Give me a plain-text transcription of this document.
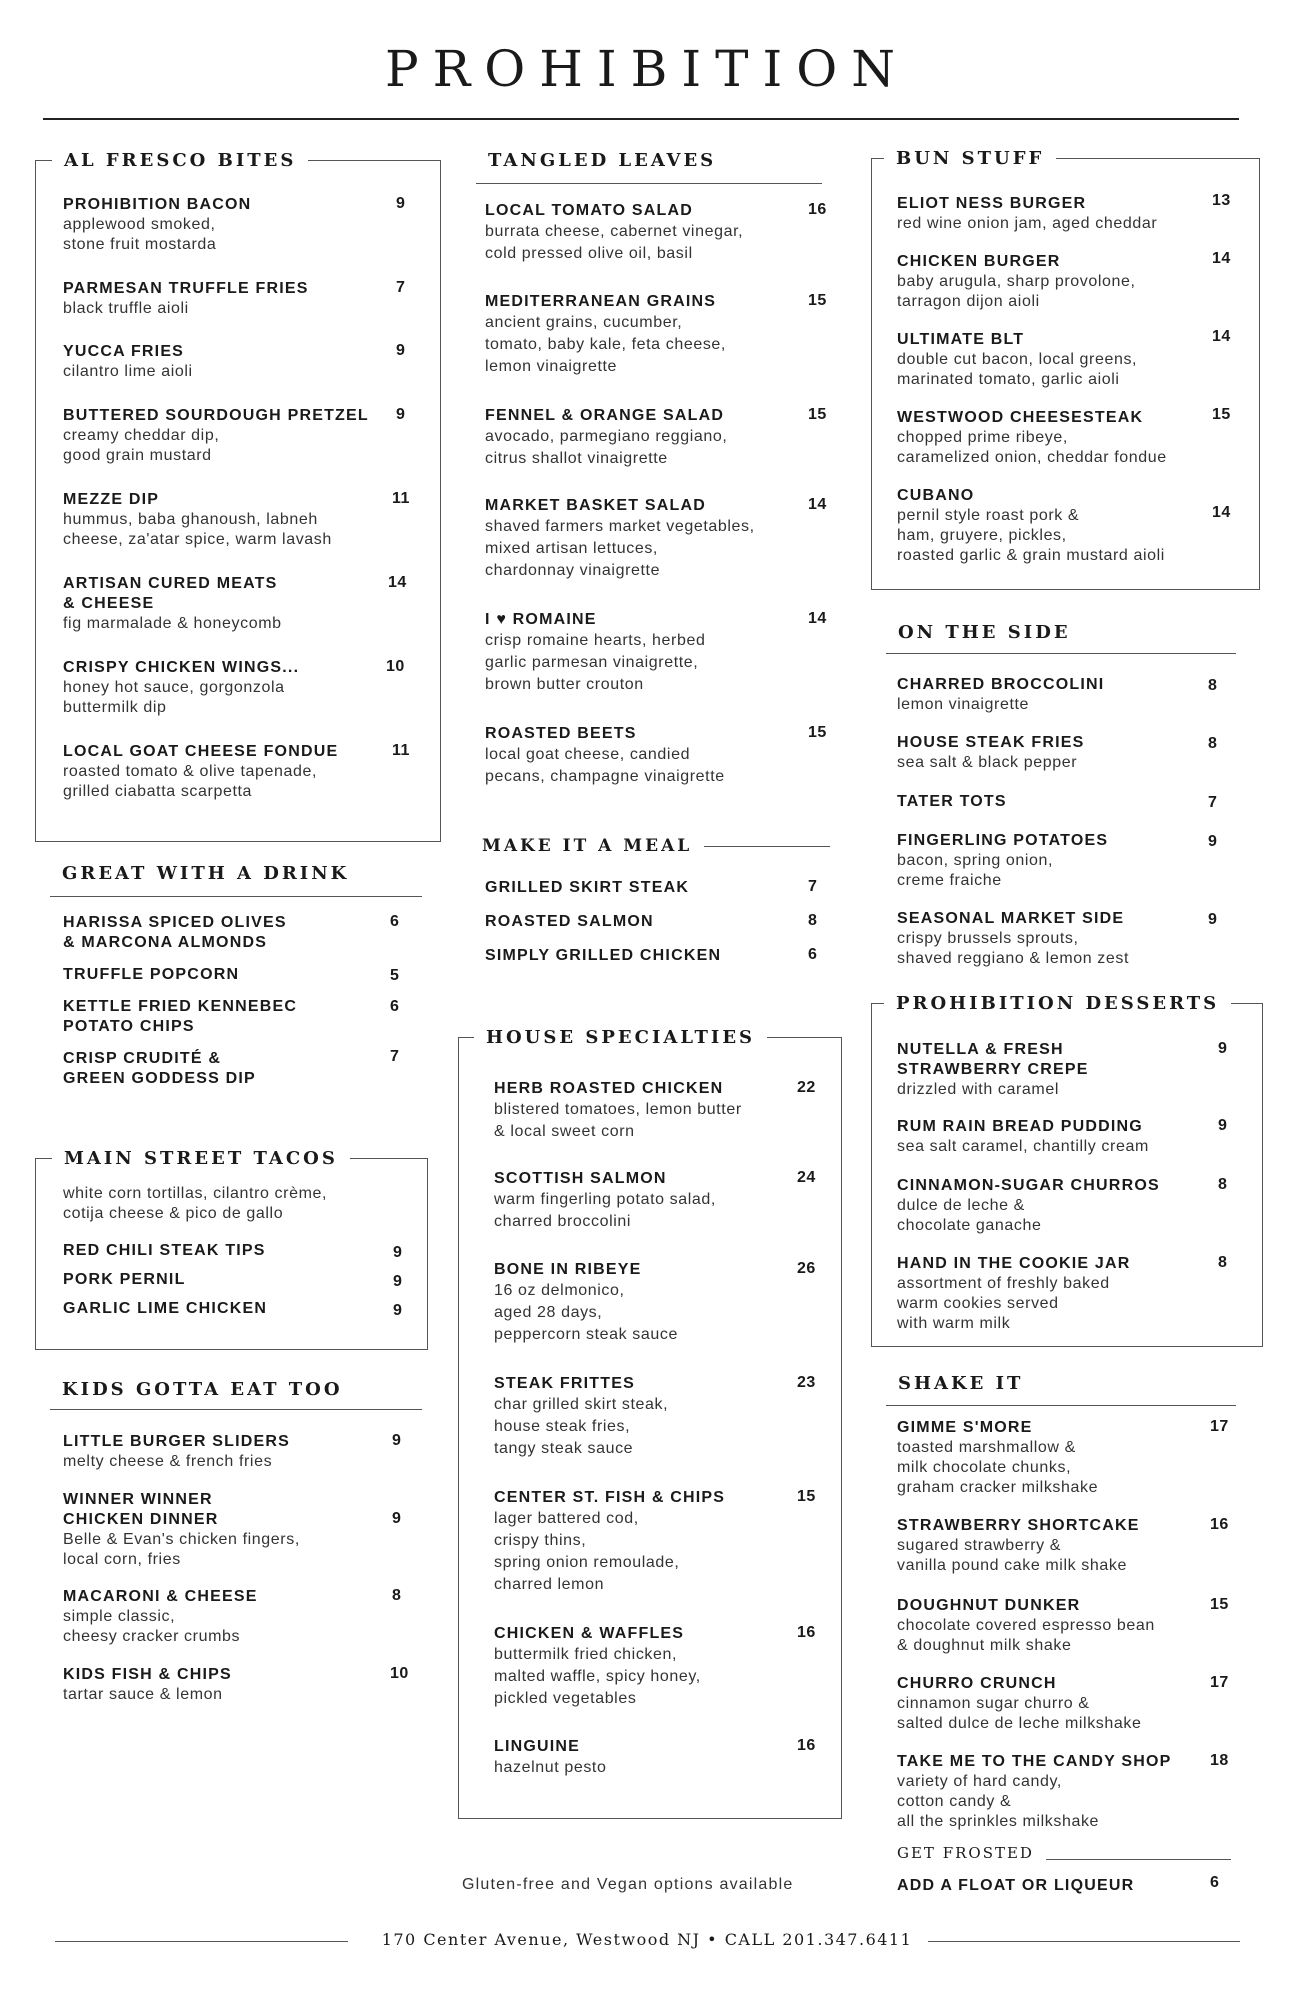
PROHIBITION
AL FRESCO BITES
PROHIBITION BACON
applewood smoked,
stone fruit mostarda
9
PARMESAN TRUFFLE FRIES
black truffle aioli
7
YUCCA FRIES
cilantro lime aioli
9
BUTTERED SOURDOUGH PRETZEL
creamy cheddar dip,
good grain mustard
9
MEZZE DIP
hummus, baba ghanoush, labneh
cheese, za'atar spice, warm lavash
11
ARTISAN CURED MEATS
& CHEESE
fig marmalade & honeycomb
14
CRISPY CHICKEN WINGS...
honey hot sauce, gorgonzola
buttermilk dip
10
LOCAL GOAT CHEESE FONDUE
roasted tomato & olive tapenade,
grilled ciabatta scarpetta
11
GREAT WITH A DRINK
HARISSA SPICED OLIVES
& MARCONA ALMONDS
6
TRUFFLE POPCORN	5
KETTLE FRIED KENNEBEC
POTATO CHIPS
6
CRISP CRUDITÉ &
GREEN GODDESS DIP
7
MAIN STREET TACOS
white corn tortillas, cilantro crème,
cotija cheese & pico de gallo
RED CHILI STEAK TIPS	9
PORK PERNIL	9
GARLIC LIME CHICKEN	9
KIDS GOTTA EAT TOO
LITTLE BURGER SLIDERS
melty cheese & french fries
9
WINNER WINNER
CHICKEN DINNER
Belle & Evan's chicken fingers,
local corn, fries
9
MACARONI & CHEESE
simple classic,
cheesy cracker crumbs
8
KIDS FISH & CHIPS
tartar sauce & lemon
10
TANGLED LEAVES
LOCAL TOMATO SALAD
burrata cheese, cabernet vinegar,
cold pressed olive oil, basil
16
MEDITERRANEAN GRAINS
ancient grains, cucumber,
tomato, baby kale, feta cheese,
lemon vinaigrette
15
FENNEL & ORANGE SALAD
avocado, parmegiano reggiano,
citrus shallot vinaigrette
15
MARKET BASKET SALAD
shaved farmers market vegetables,
mixed artisan lettuces,
chardonnay vinaigrette
14
I ♥ ROMAINE
crisp romaine hearts, herbed
garlic parmesan vinaigrette,
brown butter crouton
14
ROASTED BEETS
local goat cheese, candied
pecans, champagne vinaigrette
15
MAKE IT A MEAL
GRILLED SKIRT STEAK	7
ROASTED SALMON	8
SIMPLY GRILLED CHICKEN	6
HOUSE SPECIALTIES
HERB ROASTED CHICKEN
blistered tomatoes, lemon butter
& local sweet corn
22
SCOTTISH SALMON
warm fingerling potato salad,
charred broccolini
24
BONE IN RIBEYE
16 oz delmonico,
aged 28 days,
peppercorn steak sauce
26
STEAK FRITTES
char grilled skirt steak,
house steak fries,
tangy steak sauce
23
CENTER ST. FISH & CHIPS
lager battered cod,
crispy thins,
spring onion remoulade,
charred lemon
15
CHICKEN & WAFFLES
buttermilk fried chicken,
malted waffle, spicy honey,
pickled vegetables
16
LINGUINE
hazelnut pesto
16
BUN STUFF
ELIOT NESS BURGER
red wine onion jam, aged cheddar
13
CHICKEN BURGER
baby arugula, sharp provolone,
tarragon dijon aioli
14
ULTIMATE BLT
double cut bacon, local greens,
marinated tomato, garlic aioli
14
WESTWOOD CHEESESTEAK
chopped prime ribeye,
caramelized onion, cheddar fondue
15
CUBANO
pernil style roast pork &
ham, gruyere, pickles,
roasted garlic & grain mustard aioli
14
ON THE SIDE
CHARRED BROCCOLINI
lemon vinaigrette
8
HOUSE STEAK FRIES
sea salt & black pepper
8
TATER TOTS	7
FINGERLING POTATOES
bacon, spring onion,
creme fraiche
9
SEASONAL MARKET SIDE
crispy brussels sprouts,
shaved reggiano & lemon zest
9
PROHIBITION DESSERTS
NUTELLA & FRESH
STRAWBERRY CREPE
drizzled with caramel
9
RUM RAIN BREAD PUDDING
sea salt caramel, chantilly cream
9
CINNAMON-SUGAR CHURROS
dulce de leche &
chocolate ganache
8
HAND IN THE COOKIE JAR
assortment of freshly baked
warm cookies served
with warm milk
8
SHAKE IT
GIMME S'MORE
toasted marshmallow &
milk chocolate chunks,
graham cracker milkshake
17
STRAWBERRY SHORTCAKE
sugared strawberry &
vanilla pound cake milk shake
16
DOUGHNUT DUNKER
chocolate covered espresso bean
& doughnut milk shake
15
CHURRO CRUNCH
cinnamon sugar churro &
salted dulce de leche milkshake
17
TAKE ME TO THE CANDY SHOP
variety of hard candy,
cotton candy &
all the sprinkles milkshake
18
GET FROSTED
ADD A FLOAT OR LIQUEUR	6
Gluten-free and Vegan options available
170 Center Avenue, Westwood NJ • CALL 201.347.6411
